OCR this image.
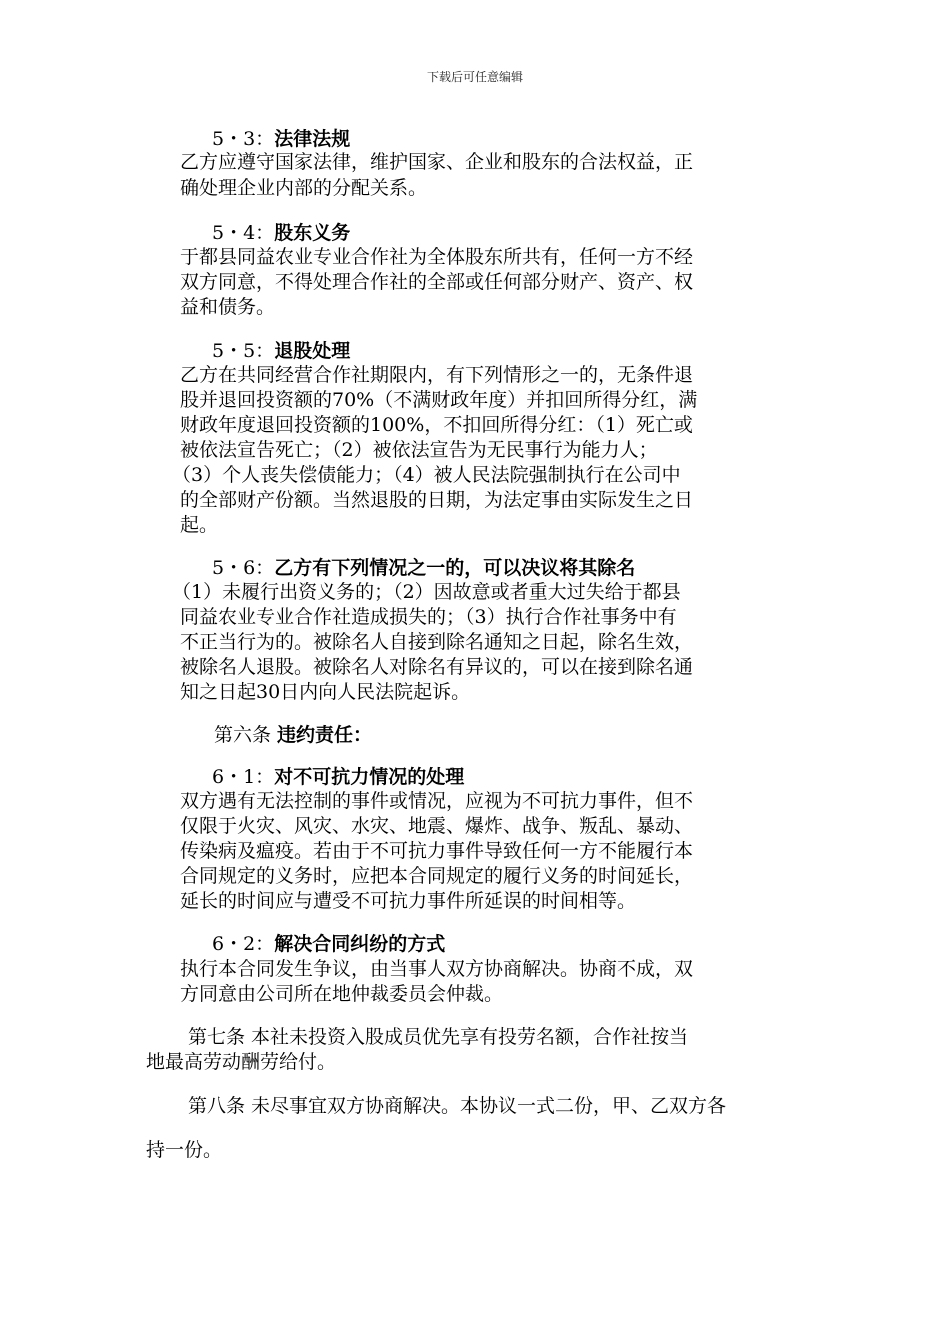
下载后可任意编辑
5・3：法律法规
乙方应遵守国家法律，维护国家、企业和股东的合法权益，正
确处理企业内部的分配关系。
5・4：股东义务
于都县同益农业专业合作社为全体股东所共有，任何一方不经
双方同意，不得处理合作社的全部或任何部分财产、资产、权
益和债务。
5・5：退股处理
乙方在共同经营合作社期限内，有下列情形之一的，无条件退
股并退回投资额的70%（不满财政年度）并扣回所得分红，满
财政年度退回投资额的100%，不扣回所得分红：（1）死亡或
被依法宣告死亡；（2）被依法宣告为无民事行为能力人；
（3）个人丧失偿债能力；（4）被人民法院强制执行在公司中
的全部财产份额。当然退股的日期，为法定事由实际发生之日
起。
5・6：乙方有下列情况之一的，可以决议将其除名
（1）未履行出资义务的；（2）因故意或者重大过失给于都县
同益农业专业合作社造成损失的；（3）执行合作社事务中有
不正当行为的。被除名人自接到除名通知之日起，除名生效，
被除名人退股。被除名人对除名有异议的，可以在接到除名通
知之日起30日内向人民法院起诉。
第六条 违约责任：
6・1：对不可抗力情况的处理
双方遇有无法控制的事件或情况，应视为不可抗力事件，但不
仅限于火灾、风灾、水灾、地震、爆炸、战争、叛乱、暴动、
传染病及瘟疫。若由于不可抗力事件导致任何一方不能履行本
合同规定的义务时，应把本合同规定的履行义务的时间延长，
延长的时间应与遭受不可抗力事件所延误的时间相等。
6・2：解决合同纠纷的方式
执行本合同发生争议，由当事人双方协商解决。协商不成，双
方同意由公司所在地仲裁委员会仲裁。
第七条 本社未投资入股成员优先享有投劳名额，合作社按当
地最高劳动酬劳给付。
第八条 未尽事宜双方协商解决。本协议一式二份，甲、乙双方各
持一份。
